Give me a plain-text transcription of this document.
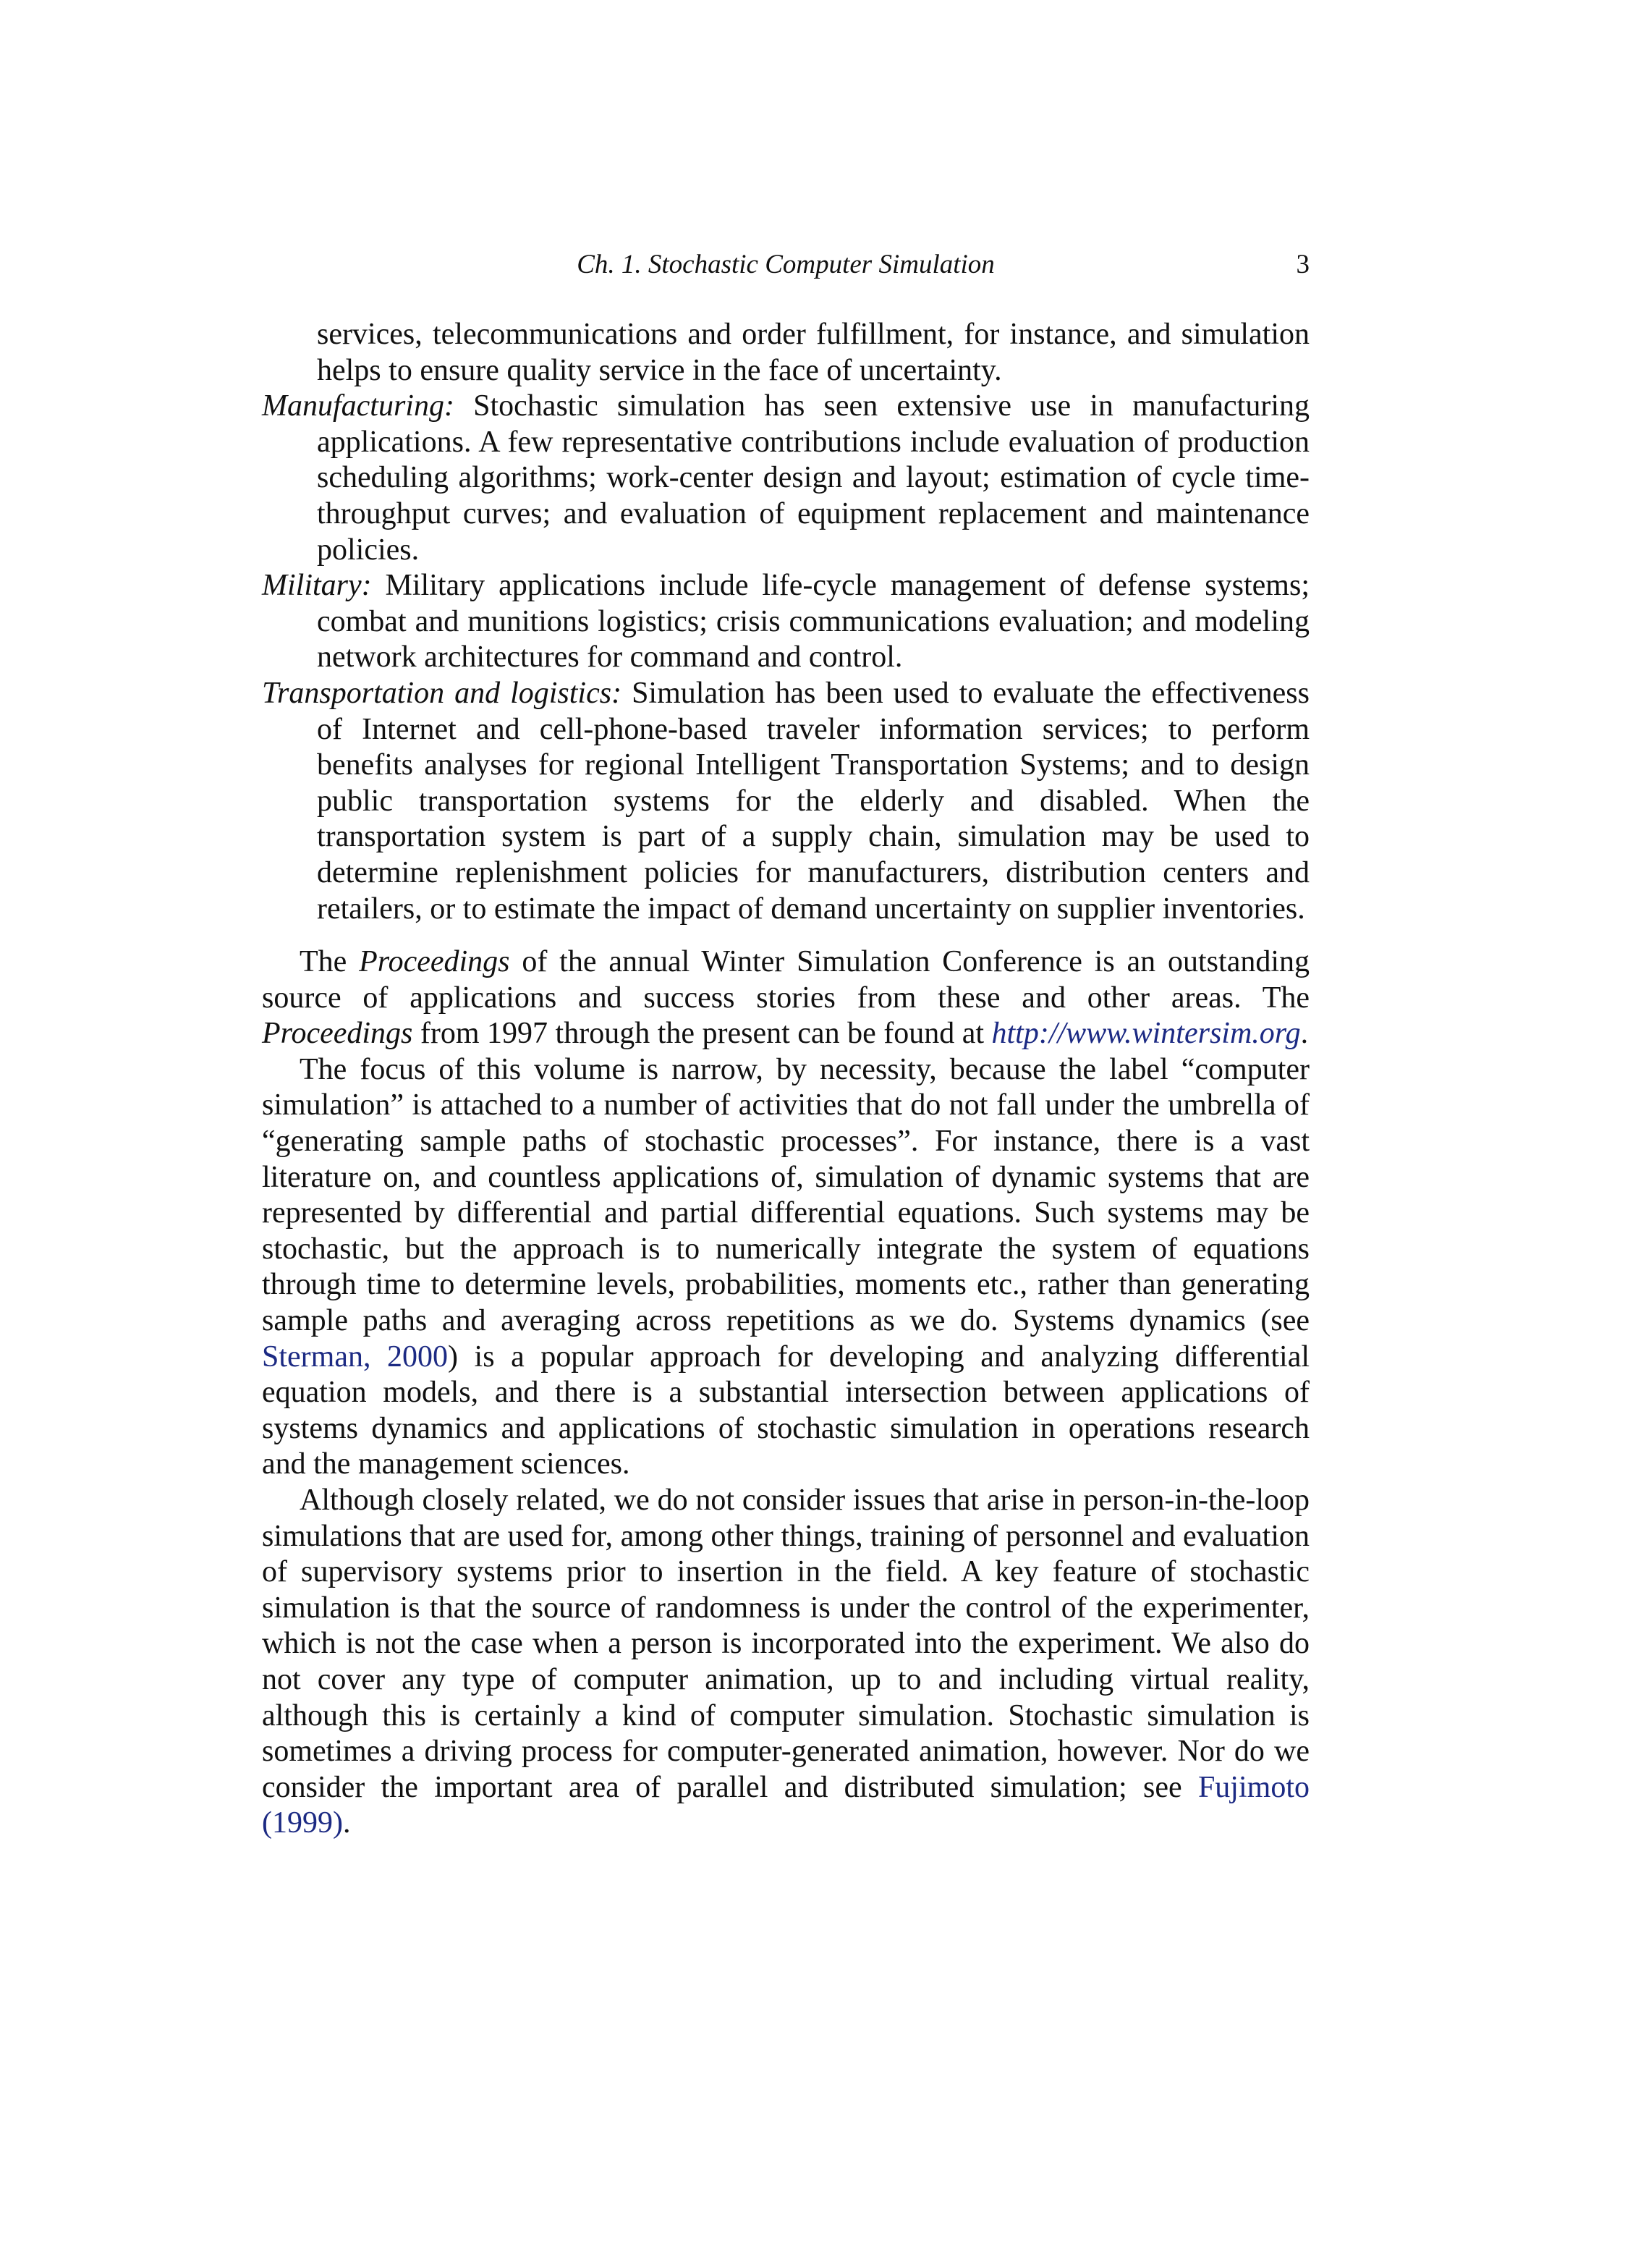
Ch. 1. Stochastic Computer Simulation	3

services, telecommunications and order fulfillment, for instance, and simulation helps to ensure quality service in the face of uncertainty.

Manufacturing: Stochastic simulation has seen extensive use in manufacturing applications. A few representative contributions include evaluation of production scheduling algorithms; work-center design and layout; estimation of cycle time-throughput curves; and evaluation of equipment replacement and maintenance policies.

Military: Military applications include life-cycle management of defense systems; combat and munitions logistics; crisis communications evaluation; and modeling network architectures for command and control.

Transportation and logistics: Simulation has been used to evaluate the effectiveness of Internet and cell-phone-based traveler information services; to perform benefits analyses for regional Intelligent Transportation Systems; and to design public transportation systems for the elderly and disabled. When the transportation system is part of a supply chain, simulation may be used to determine replenishment policies for manufacturers, distribution centers and retailers, or to estimate the impact of demand uncertainty on supplier inventories.

The Proceedings of the annual Winter Simulation Conference is an outstanding source of applications and success stories from these and other areas. The Proceedings from 1997 through the present can be found at http://www.wintersim.org.

The focus of this volume is narrow, by necessity, because the label “computer simulation” is attached to a number of activities that do not fall under the umbrella of “generating sample paths of stochastic processes”. For instance, there is a vast literature on, and countless applications of, simulation of dynamic systems that are represented by differential and partial differential equations. Such systems may be stochastic, but the approach is to numerically integrate the system of equations through time to determine levels, probabilities, moments etc., rather than generating sample paths and averaging across repetitions as we do. Systems dynamics (see Sterman, 2000) is a popular approach for developing and analyzing differential equation models, and there is a substantial intersection between applications of systems dynamics and applications of stochastic simulation in operations research and the management sciences.

Although closely related, we do not consider issues that arise in person-in-the-loop simulations that are used for, among other things, training of personnel and evaluation of supervisory systems prior to insertion in the field. A key feature of stochastic simulation is that the source of randomness is under the control of the experimenter, which is not the case when a person is incorporated into the experiment. We also do not cover any type of computer animation, up to and including virtual reality, although this is certainly a kind of computer simulation. Stochastic simulation is sometimes a driving process for computer-generated animation, however. Nor do we consider the important area of parallel and distributed simulation; see Fujimoto (1999).
